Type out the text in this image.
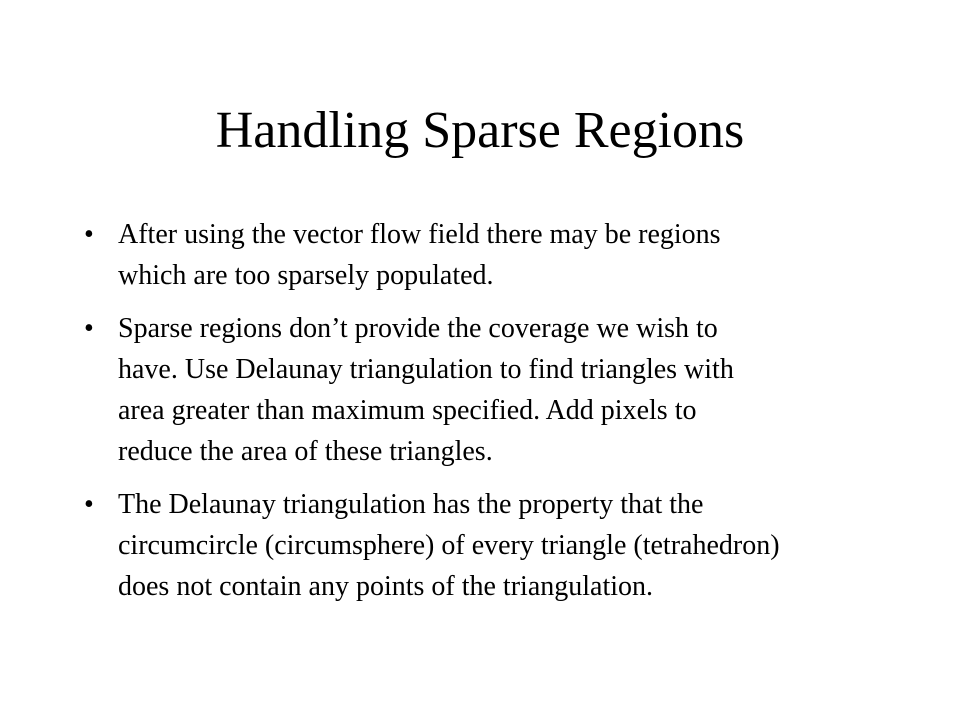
Handling Sparse Regions
• After using the vector flow field there may be regions
which are too sparsely populated.
• Sparse regions don’t provide the coverage we wish to
have. Use Delaunay triangulation to find triangles with
area greater than maximum specified. Add pixels to
reduce the area of these triangles.
• The Delaunay triangulation has the property that the
circumcircle (circumsphere) of every triangle (tetrahedron)
does not contain any points of the triangulation.
